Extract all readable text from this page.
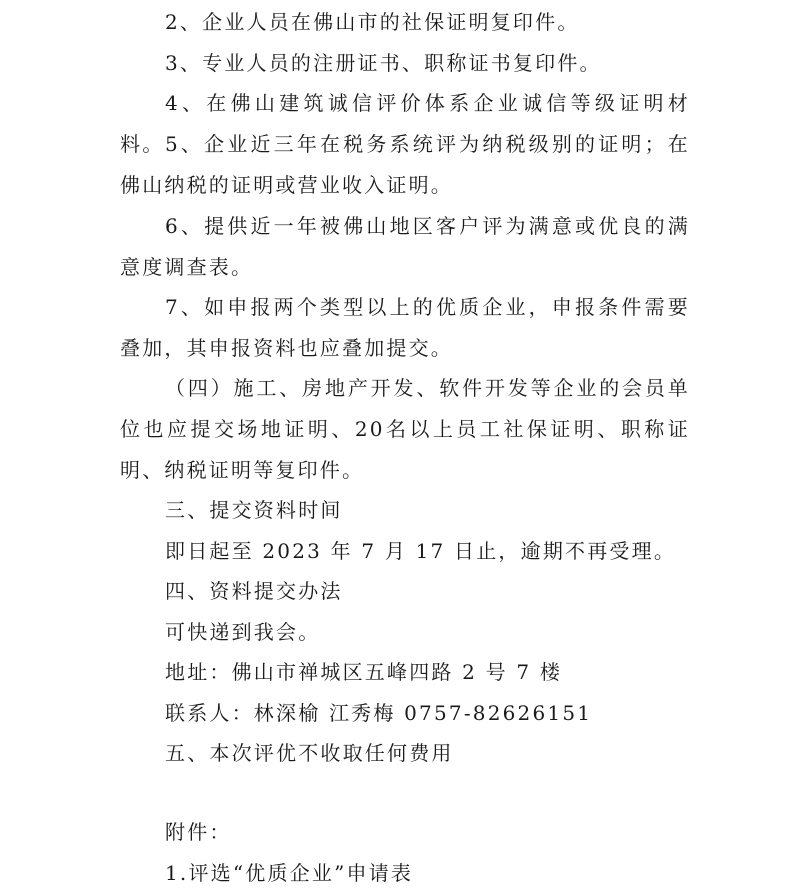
2、企业人员在佛山市的社保证明复印件。

3、专业人员的注册证书、职称证书复印件。

4、在佛山建筑诚信评价体系企业诚信等级证明材料。 5、企业近三年在税务系统评为纳税级别的证明；在佛山纳税的证明或营业收入证明。

6、提供近一年被佛山地区客户评为满意或优良的满意度调查表。

7、如申报两个类型以上的优质企业，申报条件需要叠加，其申报资料也应叠加提交。

（四）施工、房地产开发、软件开发等企业的会员单位也应提交场地证明、20名以上员工社保证明、职称证明、纳税证明等复印件。

三、提交资料时间

即日起至 2023 年 7 月 17 日止，逾期不再受理。

四、资料提交办法

可快递到我会。

地址：佛山市禅城区五峰四路 2 号 7 楼

联系人：林深榆 江秀梅 0757-82626151

五、本次评优不收取任何费用

附件：

1.评选“优质企业”申请表
